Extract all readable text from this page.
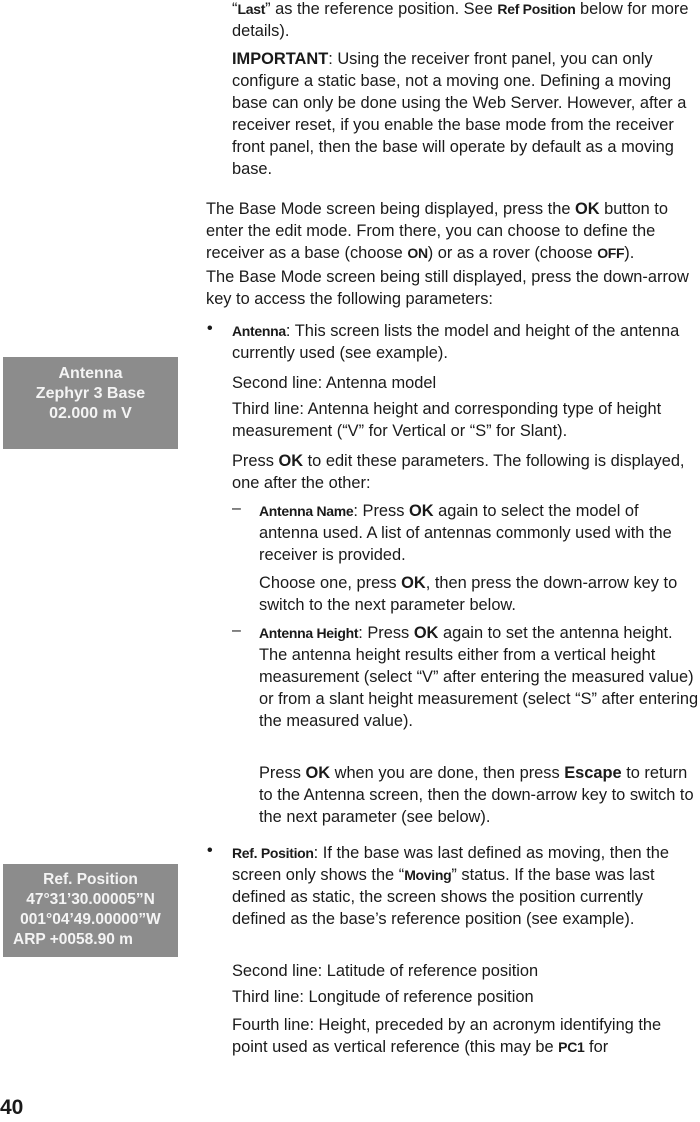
“Last” as the reference position. See Ref Position below for more details).

IMPORTANT: Using the receiver front panel, you can only configure a static base, not a moving one. Defining a moving base can only be done using the Web Server. However, after a receiver reset, if you enable the base mode from the receiver front panel, then the base will operate by default as a moving base.

The Base Mode screen being displayed, press the OK button to enter the edit mode. From there, you can choose to define the receiver as a base (choose ON) or as a rover (choose OFF).

The Base Mode screen being still displayed, press the down-arrow key to access the following parameters:

• Antenna: This screen lists the model and height of the antenna currently used (see example).

Antenna
Zephyr 3 Base
02.000 m V

Second line: Antenna model

Third line: Antenna height and corresponding type of height measurement (“V” for Vertical or “S” for Slant).

Press OK to edit these parameters. The following is displayed, one after the other:

– Antenna Name: Press OK again to select the model of antenna used. A list of antennas commonly used with the receiver is provided.

Choose one, press OK, then press the down-arrow key to switch to the next parameter below.

– Antenna Height: Press OK again to set the antenna height. The antenna height results either from a vertical height measurement (select “V” after entering the measured value) or from a slant height measurement (select “S” after entering the measured value).

Press OK when you are done, then press Escape to return to the Antenna screen, then the down-arrow key to switch to the next parameter (see below).

• Ref. Position: If the base was last defined as moving, then the screen only shows the “Moving” status. If the base was last defined as static, the screen shows the position currently defined as the base’s reference position (see example).

Ref. Position
47°31’30.00005”N
001°04’49.00000”W
ARP +0058.90 m

Second line: Latitude of reference position

Third line: Longitude of reference position

Fourth line: Height, preceded by an acronym identifying the point used as vertical reference (this may be PC1 for

40
